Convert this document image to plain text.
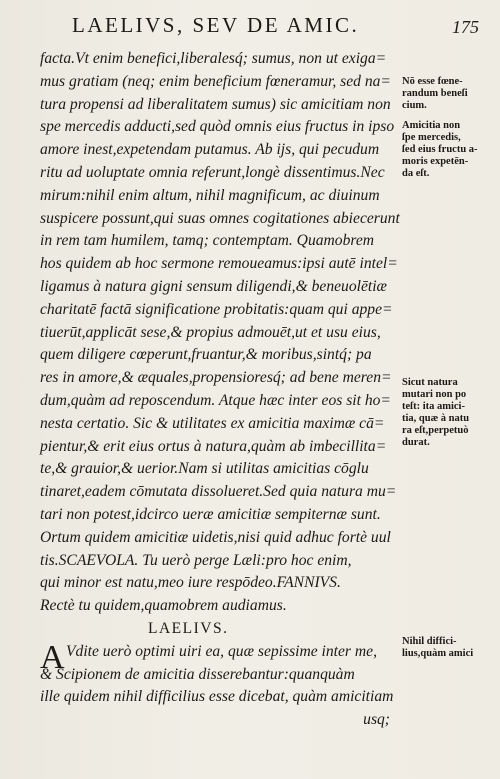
LAELIVS, SEV DE AMIC.	175
facta.Vt enim benefici,liberalesq́; sumus, non ut exiga=
mus gratiam (neq; enim beneficium fœneramur, sed na=
tura propensi ad liberalitatem sumus) sic amicitiam non
spe mercedis adducti,sed quòd omnis eius fructus in ipso
amore inest,expetendam putamus. Ab ijs, qui pecudum
ritu ad uoluptate omnia referunt,longè dissentimus.Nec
mirum:nihil enim altum, nihil magnificum, ac diuinum
suspicere possunt,qui suas omnes cogitationes abiecerunt
in rem tam humilem, tamq; contemptam. Quamobrem
hos quidem ab hoc sermone remoueamus:ipsi autē intel=
ligamus à natura gigni sensum diligendi,& beneuolētiæ
charitatē factā significatione probitatis:quam qui appe=
tiuerūt,applicāt sese,& propius admouēt,ut et usu eius,
quem diligere cœperunt,fruantur,& moribus,sintq́; pa
res in amore,& æquales,propensioresq́; ad bene meren=
dum,quàm ad reposcendum. Atque hæc inter eos sit ho=
nesta certatio. Sic & utilitates ex amicitia maximæ cā=
pientur,& erit eius ortus à natura,quàm ab imbecillita=
te,& grauior,& uerior.Nam si utilitas amicitias cōglu
tinaret,eadem cōmutata dissolueret.Sed quia natura mu=
tari non potest,idcirco ueræ amicitiæ sempiternæ sunt.
Ortum quidem amicitiæ uidetis,nisi quid adhuc fortè uul
tis.SCAEVOLA. Tu uerò perge Læli:pro hoc enim,
qui minor est natu,meo iure respōdeo.FANNIVS.
Rectè tu quidem,quamobrem audiamus.
LAELIVS.
A Vdite uerò optimi uiri ea, quæ sepissime inter me,
& Scipionem de amicitia disserebantur:quanquàm
ille quidem nihil difficilius esse dicebat, quàm amicitiam
usq;
Nō esse fœne-
randum beneſi
cium.
Amicitia non
ſpe mercedis,
ſed eius fructu a-
moris expetēn-
da eſt.
Sicut natura
mutari non po
teſt: ita amici-
tia, quæ à natu
ra eſt,perpetuò
durat.
Nihil diffici-
lius,quàm amici
